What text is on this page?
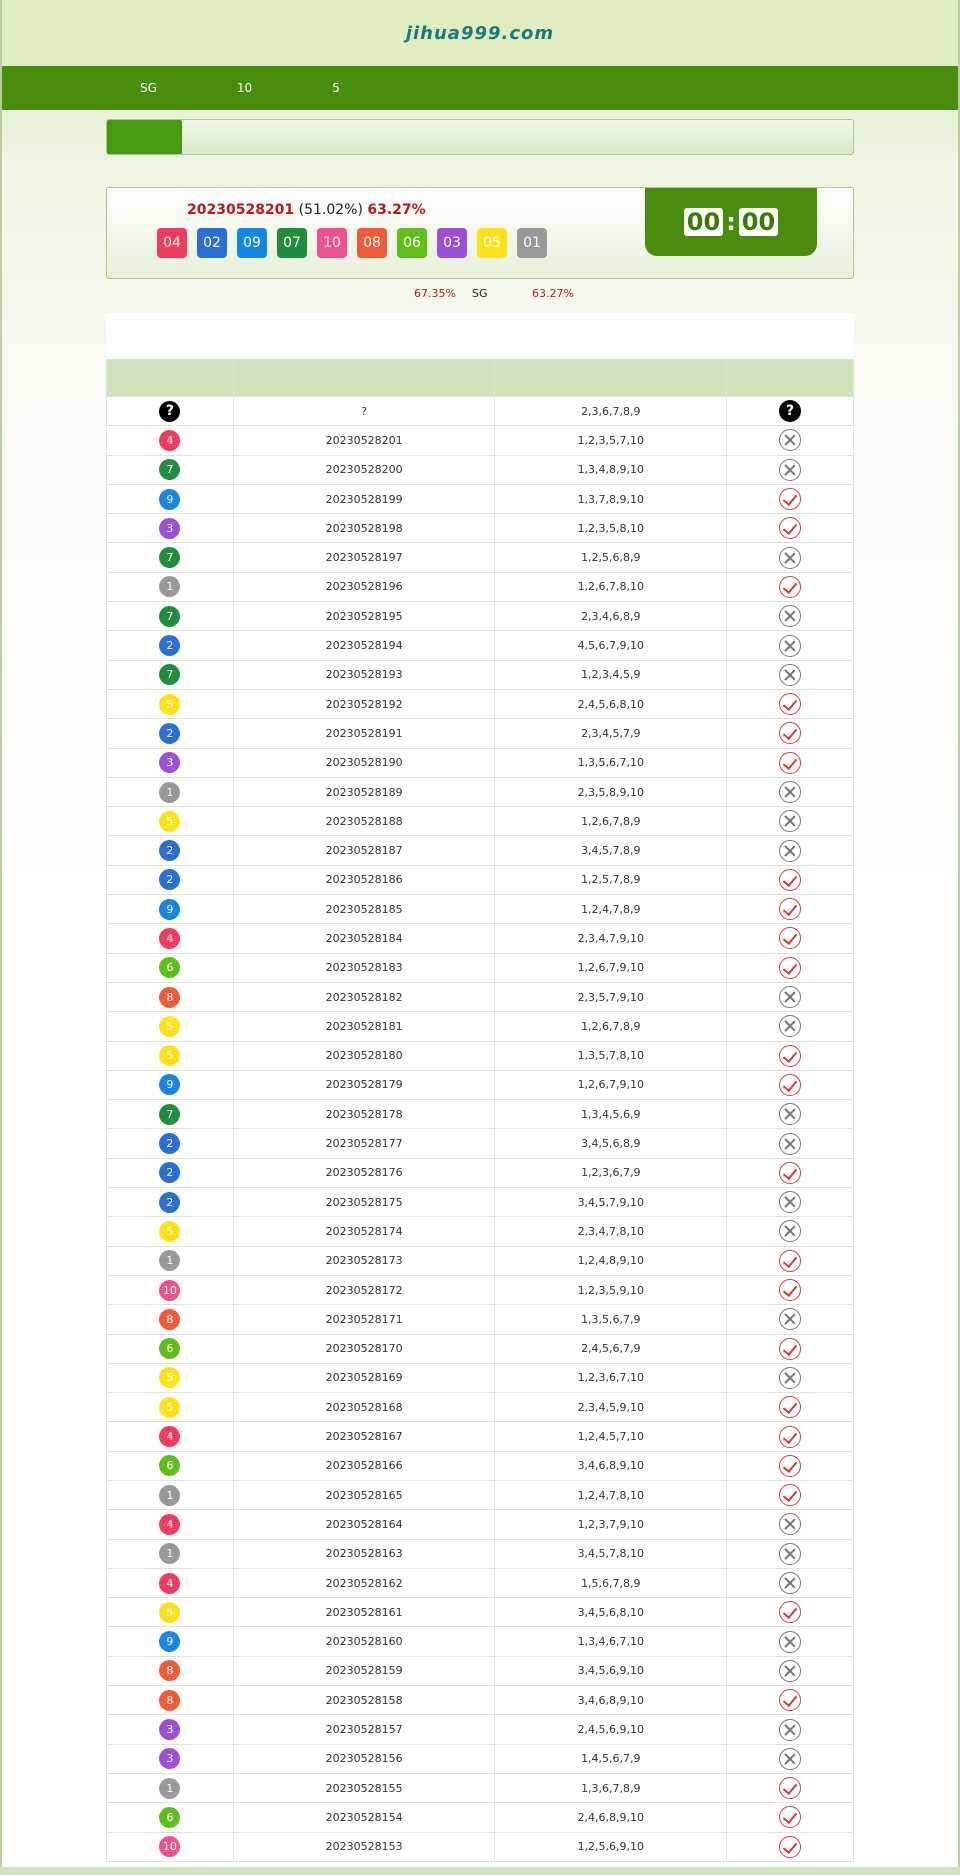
jihua999.com
SG	10	5
20230528201 (51.02%) 63.27%
04	02	09	07	10	08	06	03	05	01
00 : 00
67.35% SG	63.27%

?	?	2,3,6,7,8,9	?
4	20230528201	1,2,3,5,7,10	
7	20230528200	1,3,4,8,9,10	
9	20230528199	1,3,7,8,9,10	
3	20230528198	1,2,3,5,8,10	
7	20230528197	1,2,5,6,8,9	
1	20230528196	1,2,6,7,8,10	
7	20230528195	2,3,4,6,8,9	
2	20230528194	4,5,6,7,9,10	
7	20230528193	1,2,3,4,5,9	
5	20230528192	2,4,5,6,8,10	
2	20230528191	2,3,4,5,7,9	
3	20230528190	1,3,5,6,7,10	
1	20230528189	2,3,5,8,9,10	
5	20230528188	1,2,6,7,8,9	
2	20230528187	3,4,5,7,8,9	
2	20230528186	1,2,5,7,8,9	
9	20230528185	1,2,4,7,8,9	
4	20230528184	2,3,4,7,9,10	
6	20230528183	1,2,6,7,9,10	
8	20230528182	2,3,5,7,9,10	
5	20230528181	1,2,6,7,8,9	
5	20230528180	1,3,5,7,8,10	
9	20230528179	1,2,6,7,9,10	
7	20230528178	1,3,4,5,6,9	
2	20230528177	3,4,5,6,8,9	
2	20230528176	1,2,3,6,7,9	
2	20230528175	3,4,5,7,9,10	
5	20230528174	2,3,4,7,8,10	
1	20230528173	1,2,4,8,9,10	
10	20230528172	1,2,3,5,9,10	
8	20230528171	1,3,5,6,7,9	
6	20230528170	2,4,5,6,7,9	
5	20230528169	1,2,3,6,7,10	
5	20230528168	2,3,4,5,9,10	
4	20230528167	1,2,4,5,7,10	
6	20230528166	3,4,6,8,9,10	
1	20230528165	1,2,4,7,8,10	
4	20230528164	1,2,3,7,9,10	
1	20230528163	3,4,5,7,8,10	
4	20230528162	1,5,6,7,8,9	
5	20230528161	3,4,5,6,8,10	
9	20230528160	1,3,4,6,7,10	
8	20230528159	3,4,5,6,9,10	
8	20230528158	3,4,6,8,9,10	
3	20230528157	2,4,5,6,9,10	
3	20230528156	1,4,5,6,7,9	
1	20230528155	1,3,6,7,8,9	
6	20230528154	2,4,6,8,9,10	
10	20230528153	1,2,5,6,9,10	
